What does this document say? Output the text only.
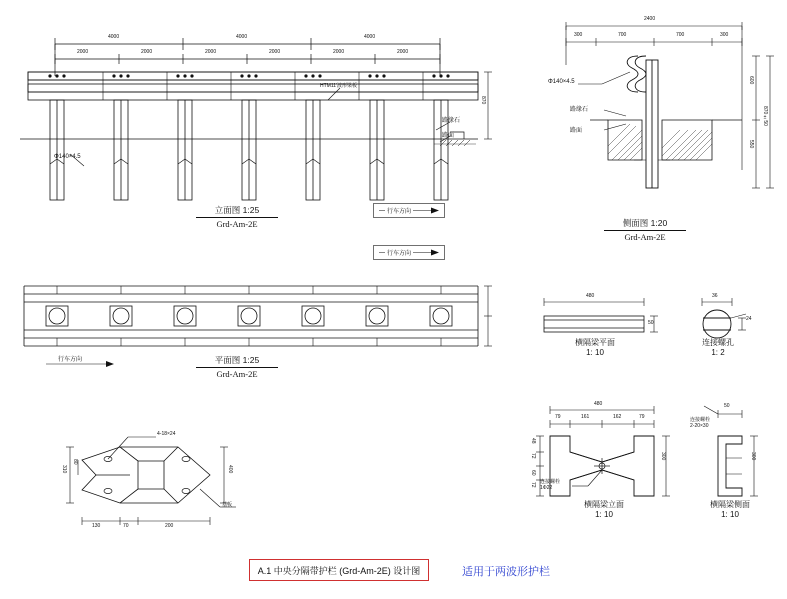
4000	4000	4000
2000	2000	2000	2000	2000	2000
Φ140×4.5
HTM11′波形梁板
路缘石
路面
870
立面图 1:25
Grd-Am-2E
行车方向
行车方向
行车方向	平面图 1:25
Grd-Am-2E
4-18×24
基板
130	70	200
310
80
400
2400
300	700	700	300
Φ140×4.5
路缘石
路面
600
550
870±50
侧面图 1:20
Grd-Am-2E
480
50
横隔梁平面
1: 10
36
24
连接螺孔
1: 2
480
79	161	162	79
48
72
60
72
300
连接螺栓
1Φ22
横隔梁立面
1: 10
50
300
连接螺栓
2-20×30
横隔梁侧面
1: 10
A.1 中央分隔带护栏 (Grd-Am-2E) 设计图	适用于两波形护栏
